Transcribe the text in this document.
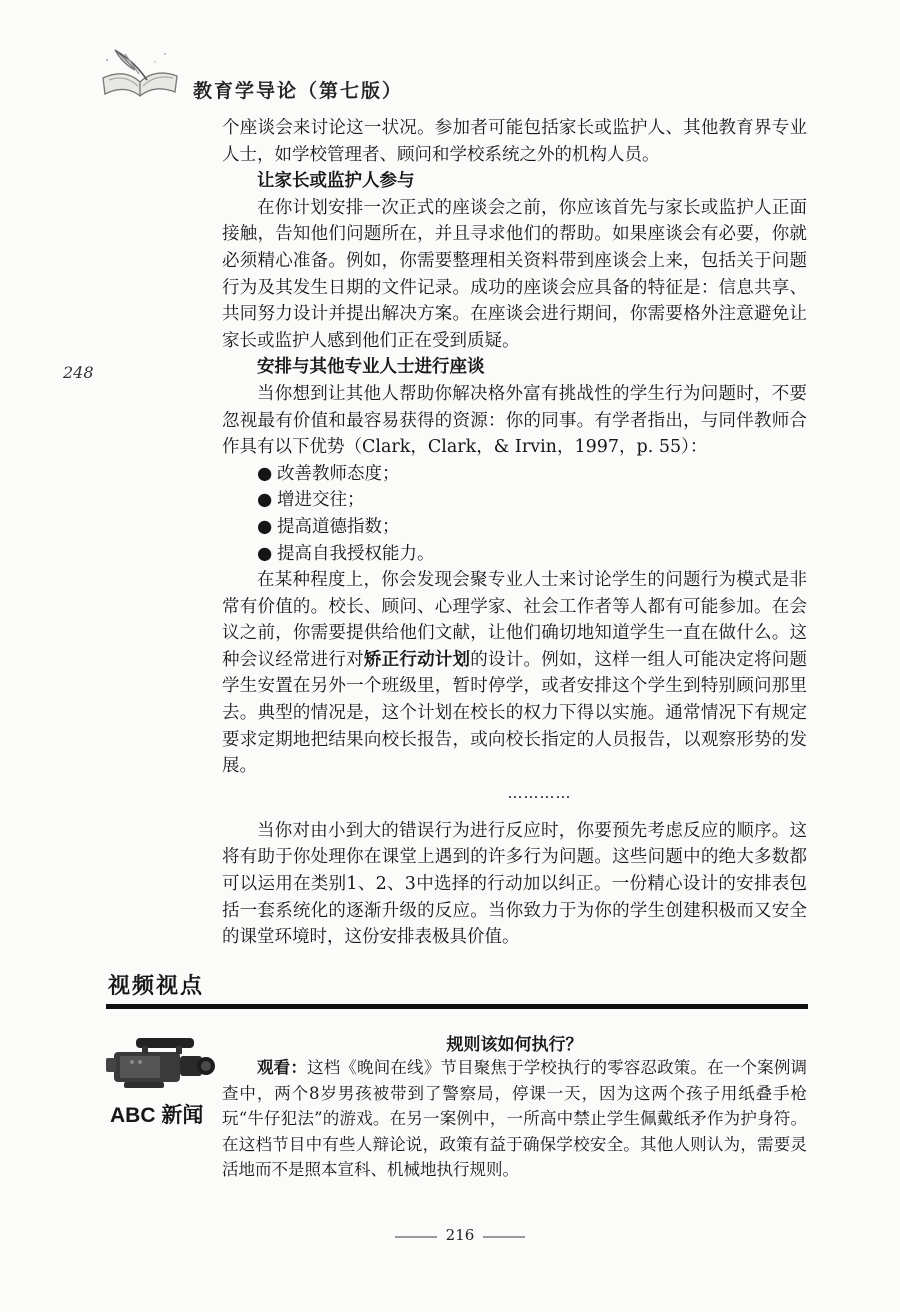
教育学导论（第七版）
248

个座谈会来讨论这一状况。参加者可能包括家长或监护人、其他教育界专业人士，如学校管理者、顾问和学校系统之外的机构人员。

让家长或监护人参与

在你计划安排一次正式的座谈会之前，你应该首先与家长或监护人正面接触，告知他们问题所在，并且寻求他们的帮助。如果座谈会有必要，你就必须精心准备。例如，你需要整理相关资料带到座谈会上来，包括关于问题行为及其发生日期的文件记录。成功的座谈会应具备的特征是：信息共享、共同努力设计并提出解决方案。在座谈会进行期间，你需要格外注意避免让家长或监护人感到他们正在受到质疑。

安排与其他专业人士进行座谈

当你想到让其他人帮助你解决格外富有挑战性的学生行为问题时，不要忽视最有价值和最容易获得的资源：你的同事。有学者指出，与同伴教师合作具有以下优势（Clark，Clark，& Irvin，1997，p. 55）：

● 改善教师态度；
● 增进交往；
● 提高道德指数；
● 提高自我授权能力。

在某种程度上，你会发现会聚专业人士来讨论学生的问题行为模式是非常有价值的。校长、顾问、心理学家、社会工作者等人都有可能参加。在会议之前，你需要提供给他们文献，让他们确切地知道学生一直在做什么。这种会议经常进行对矫正行动计划的设计。例如，这样一组人可能决定将问题学生安置在另外一个班级里，暂时停学，或者安排这个学生到特别顾问那里去。典型的情况是，这个计划在校长的权力下得以实施。通常情况下有规定要求定期地把结果向校长报告，或向校长指定的人员报告，以观察形势的发展。

…………

当你对由小到大的错误行为进行反应时，你要预先考虑反应的顺序。这将有助于你处理你在课堂上遇到的许多行为问题。这些问题中的绝大多数都可以运用在类别1、2、3中选择的行动加以纠正。一份精心设计的安排表包括一套系统化的逐渐升级的反应。当你致力于为你的学生创建积极而又安全的课堂环境时，这份安排表极具价值。

视频视点
规则该如何执行？
ABC 新闻

观看：这档《晚间在线》节目聚焦于学校执行的零容忍政策。在一个案例调查中，两个8岁男孩被带到了警察局，停课一天，因为这两个孩子用纸叠手枪玩“牛仔犯法”的游戏。在另一案例中，一所高中禁止学生佩戴纸矛作为护身符。在这档节目中有些人辩论说，政策有益于确保学校安全。其他人则认为，需要灵活地而不是照本宣科、机械地执行规则。

216
